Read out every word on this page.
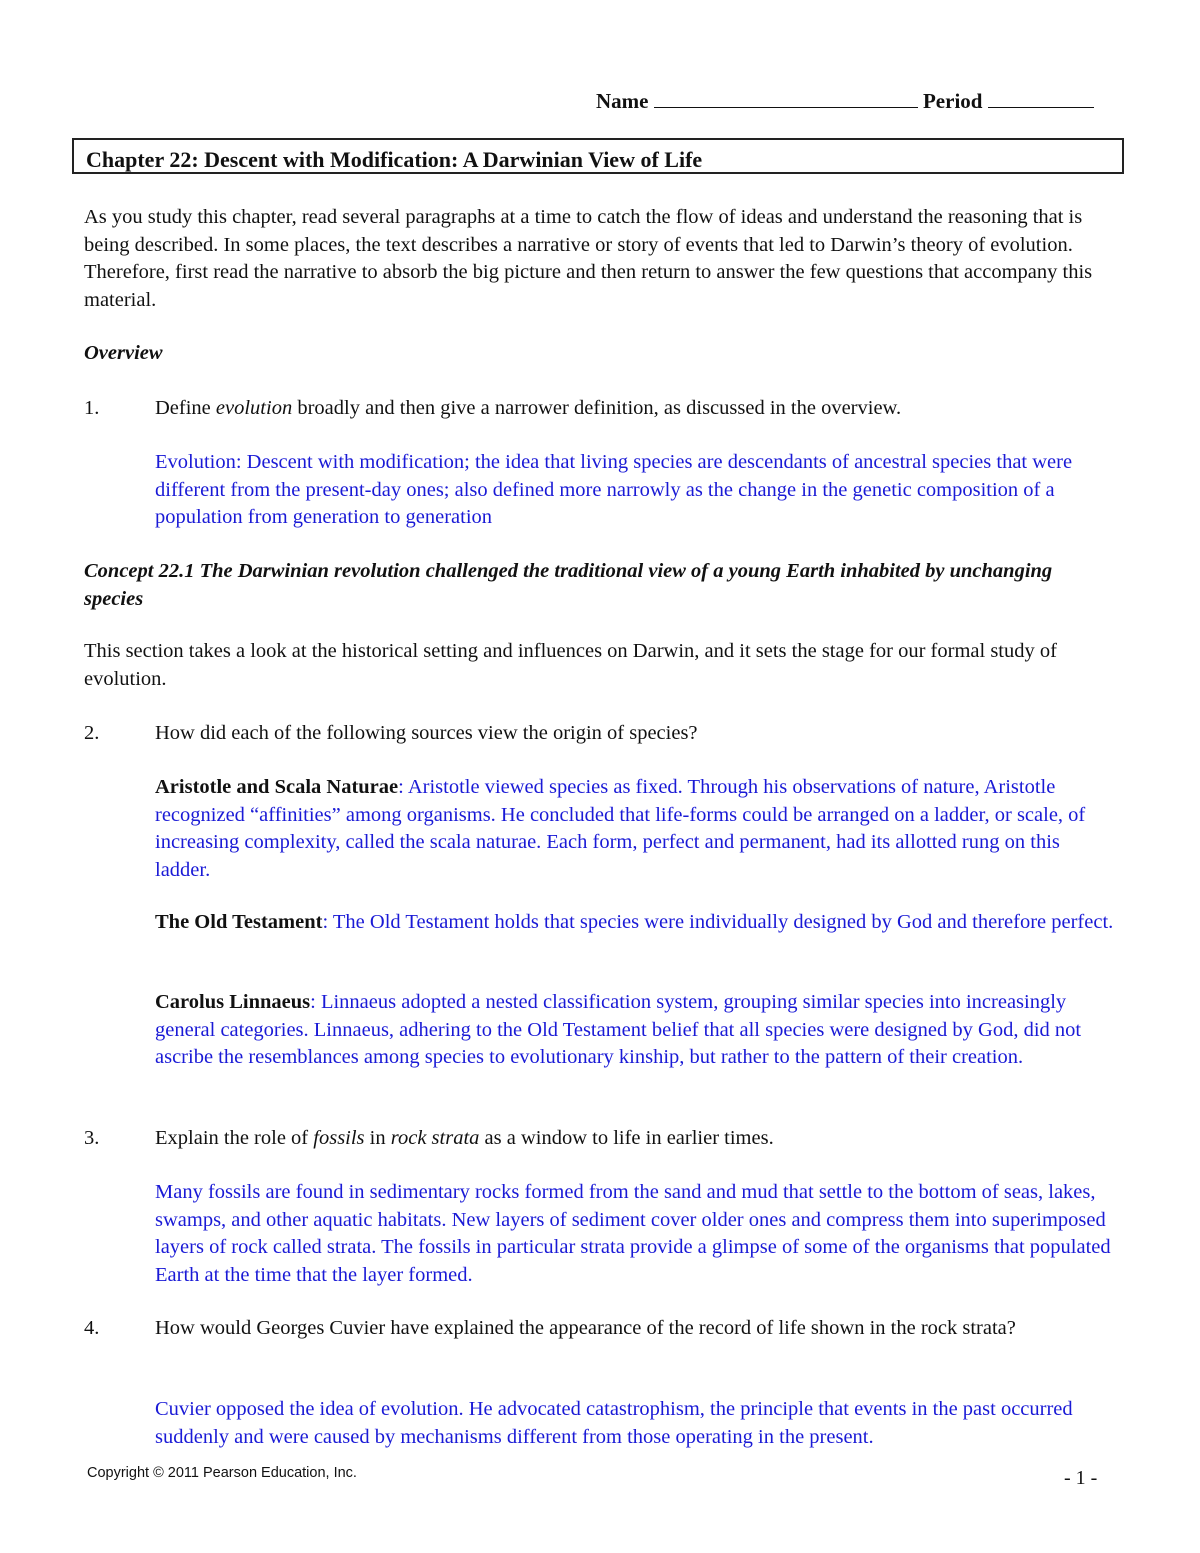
Name	Period
Chapter 22: Descent with Modification: A Darwinian View of Life

As you study this chapter, read several paragraphs at a time to catch the flow of ideas and understand the reasoning that is being described. In some places, the text describes a narrative or story of events that led to Darwin’s theory of evolution. Therefore, first read the narrative to absorb the big picture and then return to answer the few questions that accompany this material.

Overview

1.	Define evolution broadly and then give a narrower definition, as discussed in the overview.

Evolution: Descent with modification; the idea that living species are descendants of ancestral species that were different from the present-day ones; also defined more narrowly as the change in the genetic composition of a population from generation to generation

Concept 22.1 The Darwinian revolution challenged the traditional view of a young Earth inhabited by unchanging species

This section takes a look at the historical setting and influences on Darwin, and it sets the stage for our formal study of evolution.

2.	How did each of the following sources view the origin of species?

Aristotle and Scala Naturae: Aristotle viewed species as fixed. Through his observations of nature, Aristotle recognized “affinities” among organisms. He concluded that life-forms could be arranged on a ladder, or scale, of increasing complexity, called the scala naturae. Each form, perfect and permanent, had its allotted rung on this ladder.

The Old Testament: The Old Testament holds that species were individually designed by God and therefore perfect.

Carolus Linnaeus: Linnaeus adopted a nested classification system, grouping similar species into increasingly general categories. Linnaeus, adhering to the Old Testament belief that all species were designed by God, did not ascribe the resemblances among species to evolutionary kinship, but rather to the pattern of their creation.

3.	Explain the role of fossils in rock strata as a window to life in earlier times.

Many fossils are found in sedimentary rocks formed from the sand and mud that settle to the bottom of seas, lakes, swamps, and other aquatic habitats. New layers of sediment cover older ones and compress them into superimposed layers of rock called strata. The fossils in particular strata provide a glimpse of some of the organisms that populated Earth at the time that the layer formed.

4.	How would Georges Cuvier have explained the appearance of the record of life shown in the rock strata?

Cuvier opposed the idea of evolution. He advocated catastrophism, the principle that events in the past occurred suddenly and were caused by mechanisms different from those operating in the present.

Copyright © 2011 Pearson Education, Inc.	- 1 -
